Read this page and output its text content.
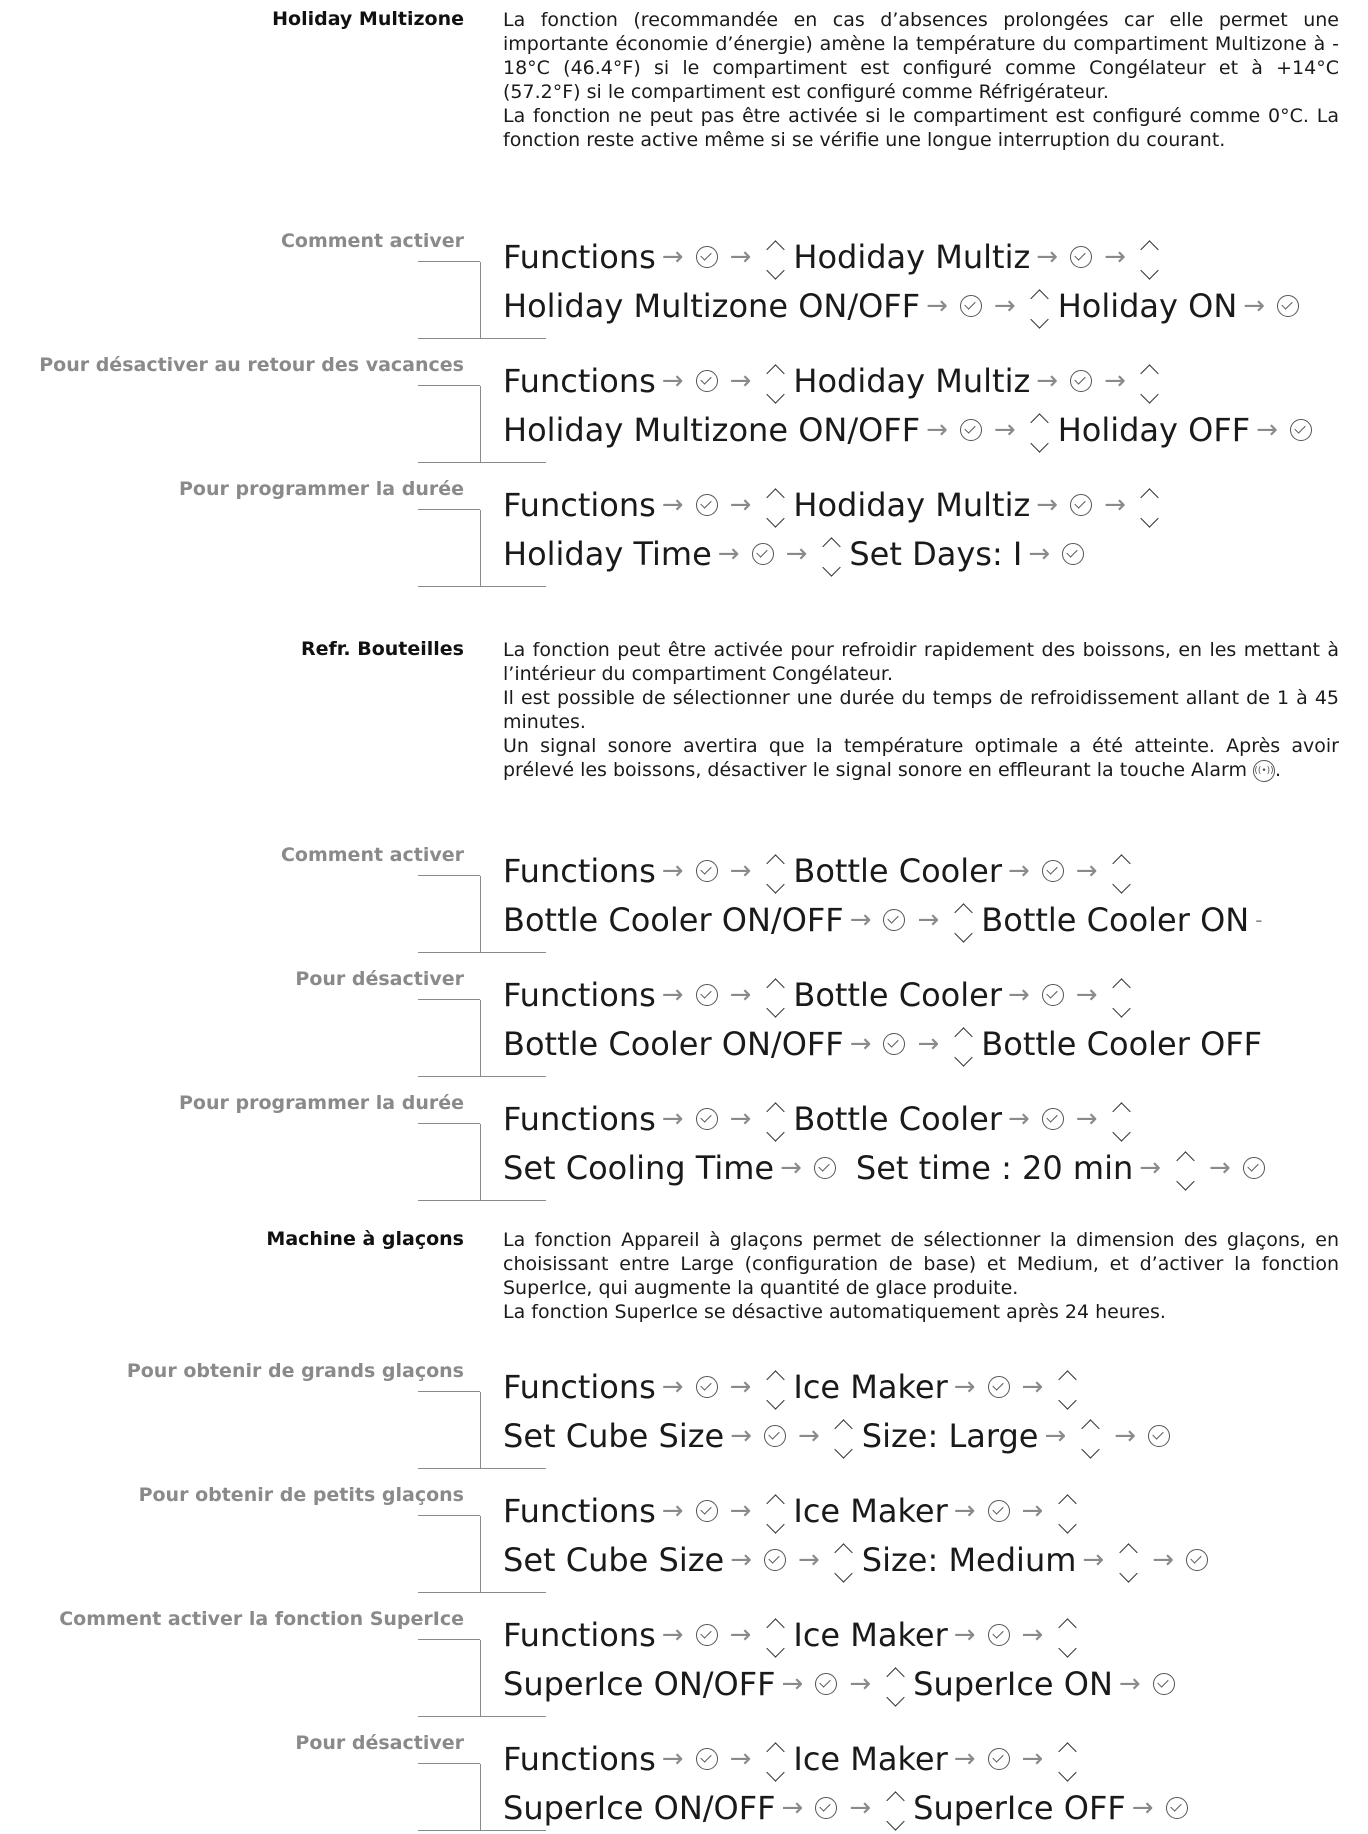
Holiday Multizone La fonction (recommandée en cas d’absences prolongées car elle permet une importante économie d’énergie) amène la température du compartiment Multizone à - 18°C (46.4°F) si le compartiment est configuré comme Congélateur et à +14°C (57.2°F) si le compartiment est configuré comme Réfrigérateur.

La fonction ne peut pas être activée si le compartiment est configuré comme 0°C. La fonction reste active même si se vérifie une longue interruption du courant.

Comment activer Functions → → Hodiday Multiz → →
Holiday Multizone ON/OFF → → Holiday ON →
Pour désactiver au retour des vacances Functions → → Hodiday Multiz → →
Holiday Multizone ON/OFF → → Holiday OFF →
Pour programmer la durée Functions → → Hodiday Multiz → →
Holiday Time → → Set Days: I →
Refr. Bouteilles La fonction peut être activée pour refroidir rapidement des boissons, en les mettant à l’intérieur du compartiment Congélateur.

Il est possible de sélectionner une durée du temps de refroidissement allant de 1 à 45 minutes.

Un signal sonore avertira que la température optimale a été atteinte. Après avoir prélevé les boissons, désactiver le signal sonore en effleurant la touche Alarm ((•)).

Comment activer Functions → → Bottle Cooler → →
Bottle Cooler ON/OFF → → Bottle Cooler ON -
Pour désactiver Functions → → Bottle Cooler → →
Bottle Cooler ON/OFF → → Bottle Cooler OFF
Pour programmer la durée Functions → → Bottle Cooler → →
Set Cooling Time → Set time : 20 min → →
Machine à glaçons La fonction Appareil à glaçons permet de sélectionner la dimension des glaçons, en choisissant entre Large (configuration de base) et Medium, et d’activer la fonction SuperIce, qui augmente la quantité de glace produite.

La fonction SuperIce se désactive automatiquement après 24 heures.

Pour obtenir de grands glaçons Functions → → Ice Maker → →
Set Cube Size → → Size: Large → →
Pour obtenir de petits glaçons Functions → → Ice Maker → →
Set Cube Size → → Size: Medium → →
Comment activer la fonction SuperIce Functions → → Ice Maker → →
SuperIce ON/OFF → → SuperIce ON →
Pour désactiver Functions → → Ice Maker → →
SuperIce ON/OFF → → SuperIce OFF →
